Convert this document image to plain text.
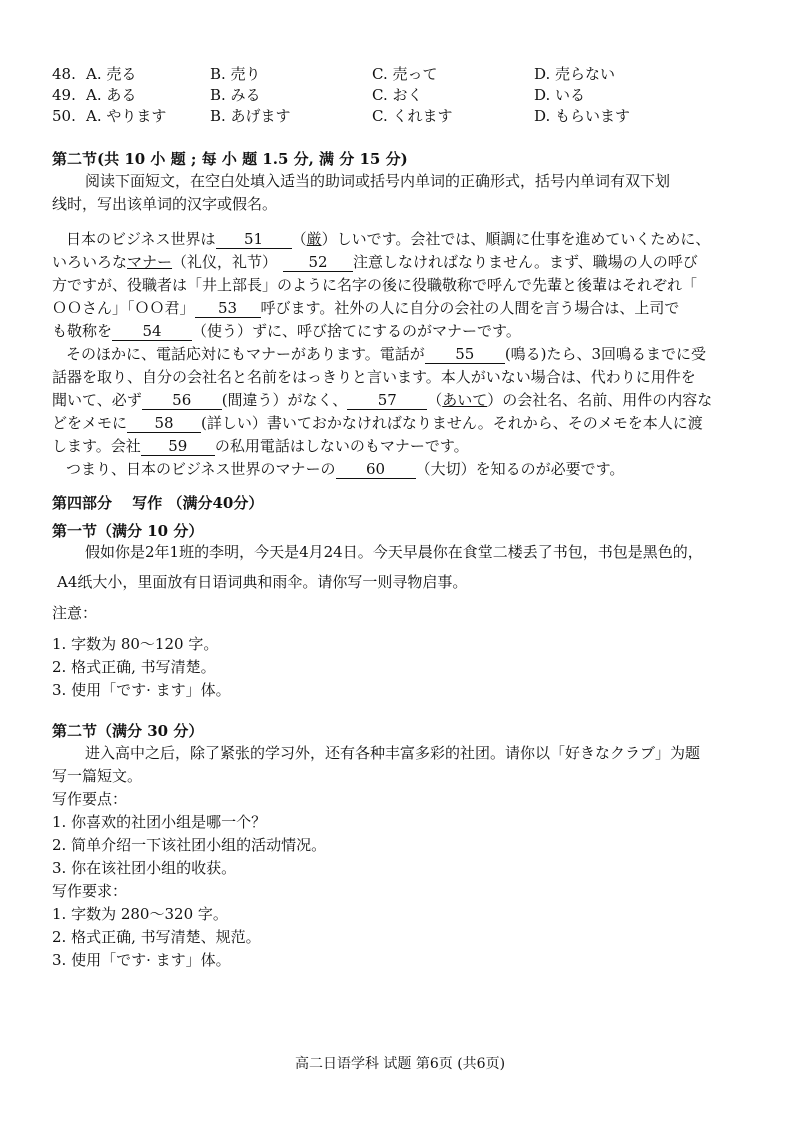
48. A. 売る	B. 売り	C. 売って	D. 売らない
49. A. ある	B. みる	C. おく	D. いる
50. A. やります	B. あげます	C. くれます	D. もらいます
第二节(共 10 小 题 ; 每 小 题 1.5 分, 满 分 15 分)
阅读下面短文，在空白处填入适当的助词或括号内单词的正确形式，括号内单词有双下划
线时，写出该单词的汉字或假名。
日本のビジネス世界は 51 （厳）しいです。会社では、順調に仕事を進めていくために、
いろいろなマナー（礼仪，礼节） 52 注意しなければなりません。まず、職場の人の呼び
方ですが、役職者は「井上部長」のように名字の後に役職敬称で呼んで先輩と後輩はそれぞれ「
ＯＯさん」「ＯＯ君」 53 呼びます。社外の人に自分の会社の人間を言う場合は、上司で
も敬称を 54 （使う）ずに、呼び捨てにするのがマナーです。
そのほかに、電話応対にもマナーがあります。電話が 55 (鳴る)たら、3回鳴るまでに受
話器を取り、自分の会社名と名前をはっきりと言います。本人がいない場合は、代わりに用件を
聞いて、必ず 56 (間違う）がなく、 57 （あいて）の会社名、名前、用件の内容な
どをメモに 58 (詳しい）書いておかなければなりません。それから、そのメモを本人に渡
します。会社 59 の私用電話はしないのもマナーです。
つまり、日本のビジネス世界のマナーの 60 （大切）を知るのが必要です。
第四部分　 写作 （满分40分）
第一节（满分 10 分）
假如你是2年1班的李明，今天是4月24日。今天早晨你在食堂二楼丢了书包，书包是黑色的，
A4纸大小，里面放有日语词典和雨伞。请你写一则寻物启事。
注意：
1. 字数为 80～120 字。
2. 格式正确, 书写清楚。
3. 使用「です· ます」体。
第二节（满分 30 分）
进入高中之后，除了紧张的学习外，还有各种丰富多彩的社团。请你以「好きなクラブ」为题
写一篇短文。
写作要点：
1. 你喜欢的社团小组是哪一个？
2. 简单介绍一下该社团小组的活动情况。
3. 你在该社团小组的收获。
写作要求：
1. 字数为 280～320 字。
2. 格式正确, 书写清楚、规范。
3. 使用「です· ます」体。
高二日语学科 试题 第6页 (共6页)
